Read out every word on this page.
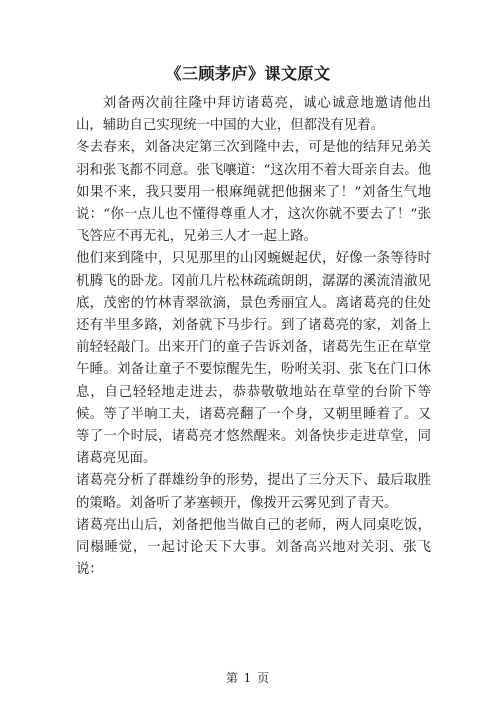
《三顾茅庐》课文原文

刘备两次前往隆中拜访诸葛亮，诚心诚意地邀请他出山，辅助自己实现统一中国的大业，但都没有见着。

冬去春来，刘备决定第三次到隆中去，可是他的结拜兄弟关羽和张飞都不同意。张飞嚷道：“这次用不着大哥亲自去。他如果不来，我只要用一根麻绳就把他捆来了！”刘备生气地说：“你一点儿也不懂得尊重人才，这次你就不要去了！”张飞答应不再无礼，兄弟三人才一起上路。

他们来到隆中，只见那里的山冈蜿蜒起伏，好像一条等待时机腾飞的卧龙。冈前几片松林疏疏朗朗，潺潺的溪流清澈见底，茂密的竹林青翠欲滴，景色秀丽宜人。离诸葛亮的住处还有半里多路，刘备就下马步行。到了诸葛亮的家，刘备上前轻轻敲门。出来开门的童子告诉刘备，诸葛先生正在草堂午睡。刘备让童子不要惊醒先生，吩咐关羽、张飞在门口休息，自己轻轻地走进去，恭恭敬敬地站在草堂的台阶下等候。等了半晌工夫，诸葛亮翻了一个身，又朝里睡着了。又等了一个时辰，诸葛亮才悠然醒来。刘备快步走进草堂，同诸葛亮见面。

诸葛亮分析了群雄纷争的形势，提出了三分天下、最后取胜的策略。刘备听了茅塞顿开，像拨开云雾见到了青天。

诸葛亮出山后，刘备把他当做自己的老师，两人同桌吃饭，同榻睡觉，一起讨论天下大事。刘备高兴地对关羽、张飞说：

第 1 页
